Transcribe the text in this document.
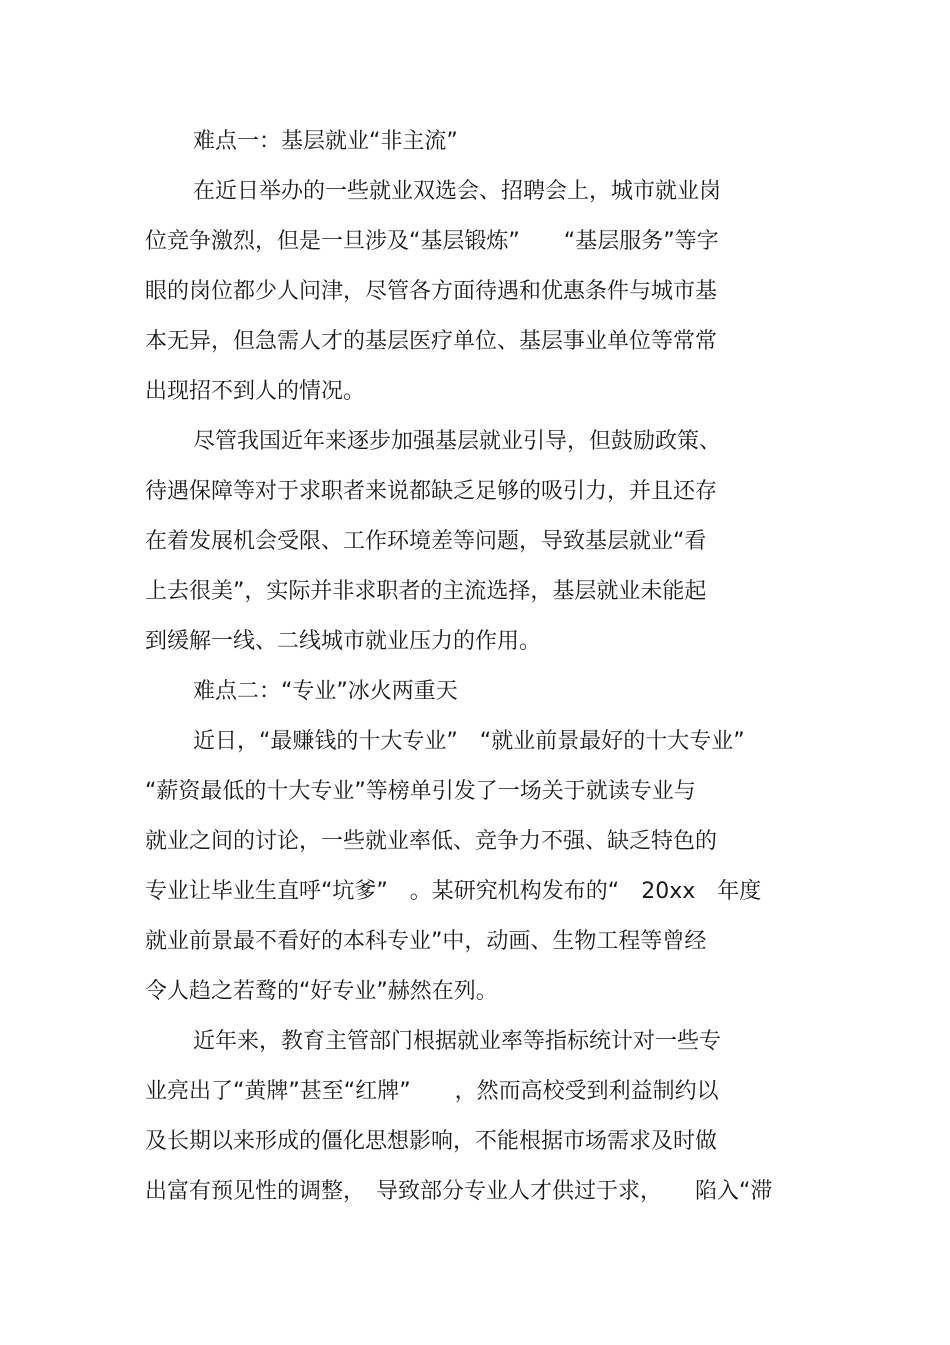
难点一：基层就业“非主流”
在近日举办的一些就业双选会、招聘会上，城市就业岗
位竞争激烈，但是一旦涉及“基层锻炼”　　“基层服务”等字
眼的岗位都少人问津，尽管各方面待遇和优惠条件与城市基
本无异，但急需人才的基层医疗单位、基层事业单位等常常
出现招不到人的情况。
尽管我国近年来逐步加强基层就业引导，但鼓励政策、
待遇保障等对于求职者来说都缺乏足够的吸引力，并且还存
在着发展机会受限、工作环境差等问题，导致基层就业“看
上去很美”，实际并非求职者的主流选择，基层就业未能起
到缓解一线、二线城市就业压力的作用。
难点二：“专业”冰火两重天
近日，“最赚钱的十大专业”　“就业前景最好的十大专业”
“薪资最低的十大专业”等榜单引发了一场关于就读专业与
就业之间的讨论，一些就业率低、竞争力不强、缺乏特色的
专业让毕业生直呼“坑爹”　。某研究机构发布的“　20xx　年度
就业前景最不看好的本科专业”中，动画、生物工程等曾经
令人趋之若鹜的“好专业”赫然在列。
近年来，教育主管部门根据就业率等指标统计对一些专
业亮出了“黄牌”甚至“红牌”　　，然而高校受到利益制约以
及长期以来形成的僵化思想影响，不能根据市场需求及时做
出富有预见性的调整，　导致部分专业人才供过于求，　　陷入“滞
